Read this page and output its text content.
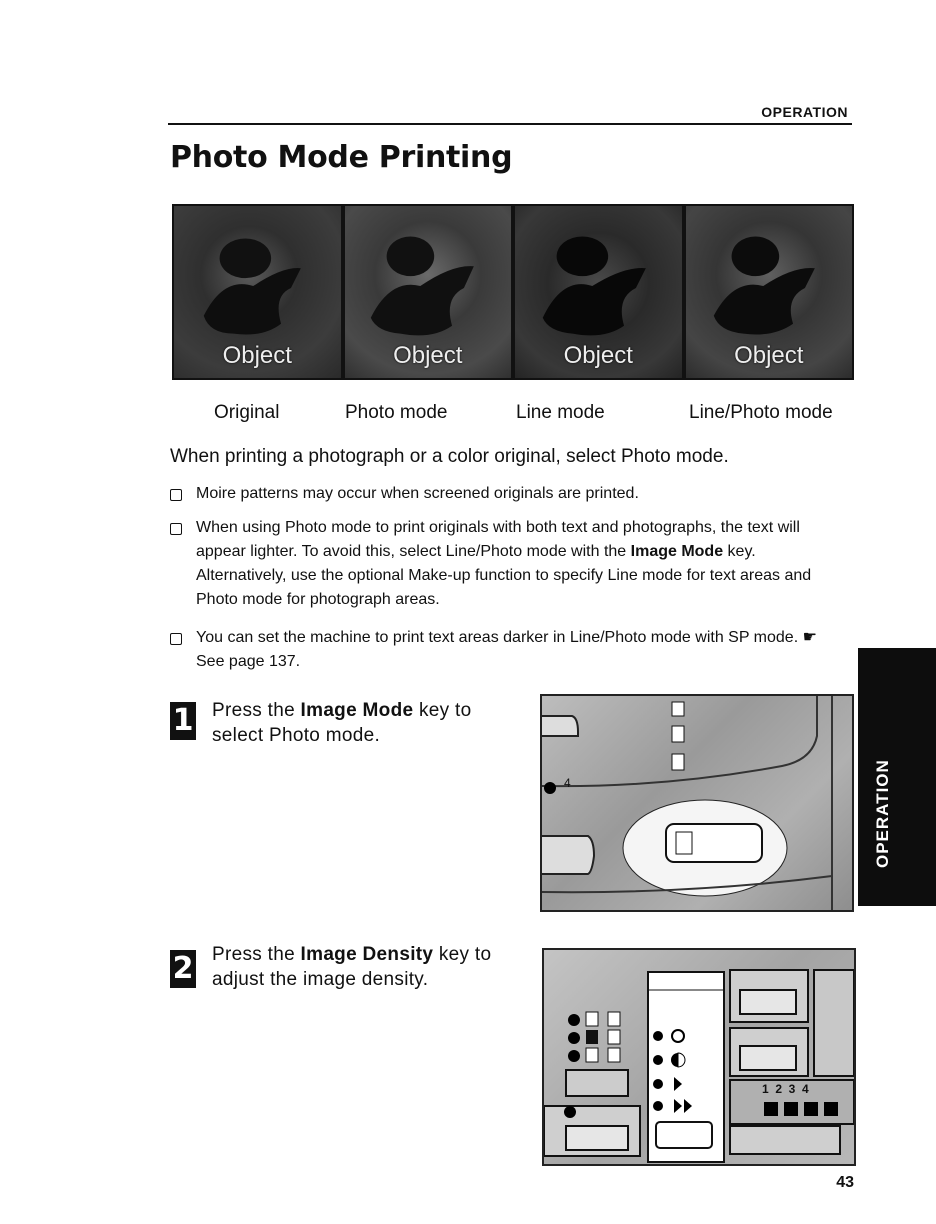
OPERATION
Photo Mode Printing
Object	Object	Object	Object
Original	Photo mode	Line mode	Line/Photo mode
When printing a photograph or a color original, select Photo mode.
Moire patterns may occur when screened originals are printed.
When using Photo mode to print originals with both text and photographs, the text will appear lighter. To avoid this, select Line/Photo mode with the Image Mode key. Alternatively, use the optional Make-up function to specify Line mode for text areas and Photo mode for photograph areas.
You can set the machine to print text areas darker in Line/Photo mode with SP mode. ☛ See page 137.
1 Press the Image Mode key to select Photo mode.
4
2 Press the Image Density key to adjust the image density.
1  2  3  4
OPERATION
43
